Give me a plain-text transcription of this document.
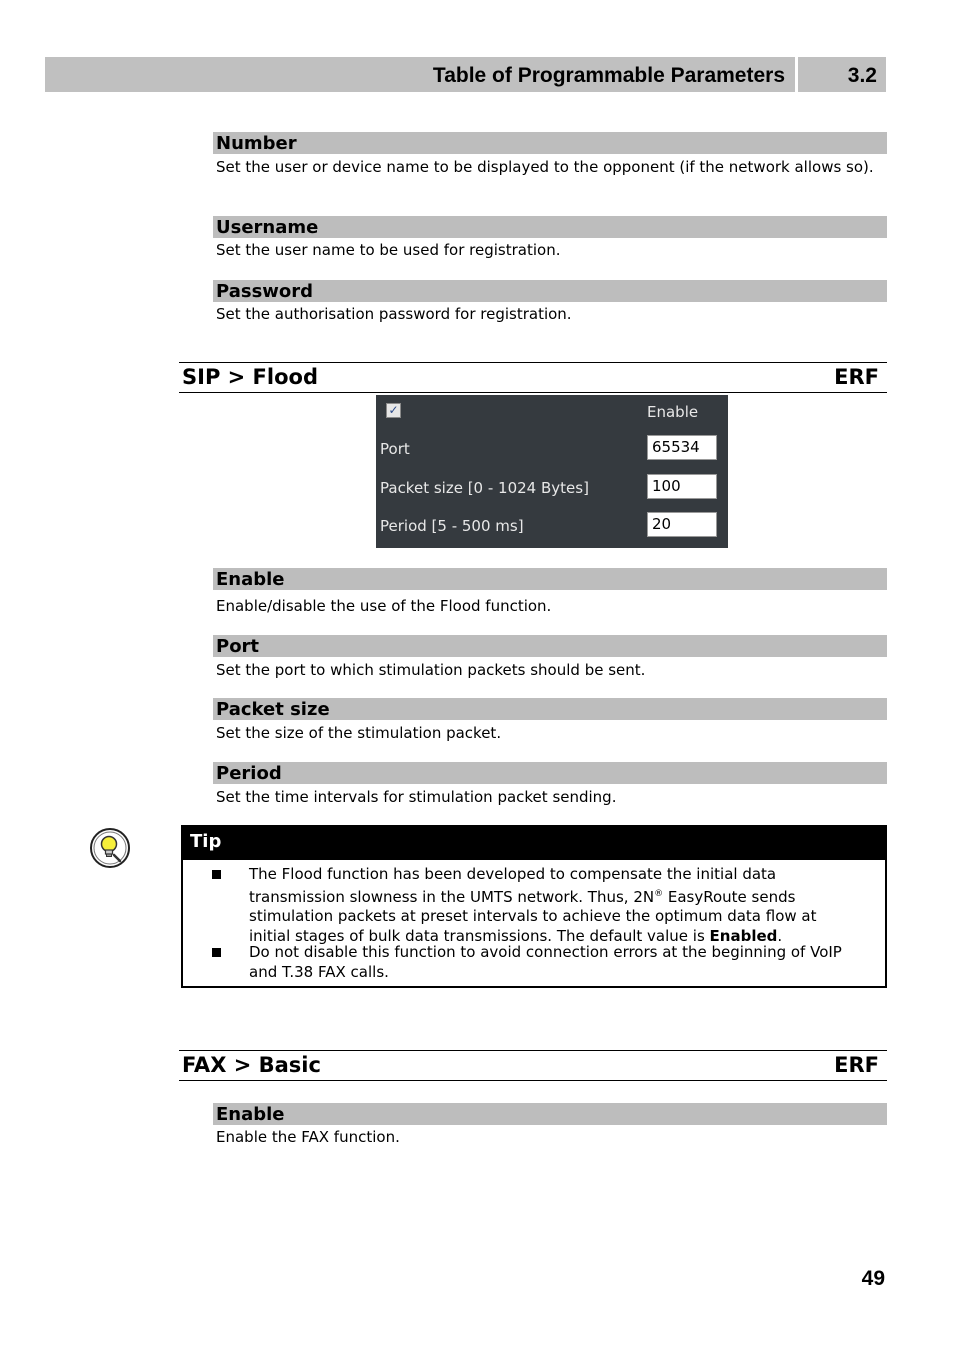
Table of Programmable Parameters	3.2
Number
Set the user or device name to be displayed to the opponent (if the network allows so).
Username
Set the user name to be used for registration.
Password
Set the authorisation password for registration.
SIP > Flood	ERF
✓	Enable
Port	65534
Packet size [0 - 1024 Bytes]	100
Period [5 - 500 ms]	20
Enable
Enable/disable the use of the Flood function.
Port
Set the port to which stimulation packets should be sent.
Packet size
Set the size of the stimulation packet.
Period
Set the time intervals for stimulation packet sending.
Tip
The Flood function has been developed to compensate the initial data transmission slowness in the UMTS network. Thus, 2N® EasyRoute sends stimulation packets at preset intervals to achieve the optimum data flow at initial stages of bulk data transmissions. The default value is Enabled.
Do not disable this function to avoid connection errors at the beginning of VoIP and T.38 FAX calls.
FAX > Basic	ERF
Enable
Enable the FAX function.
49
